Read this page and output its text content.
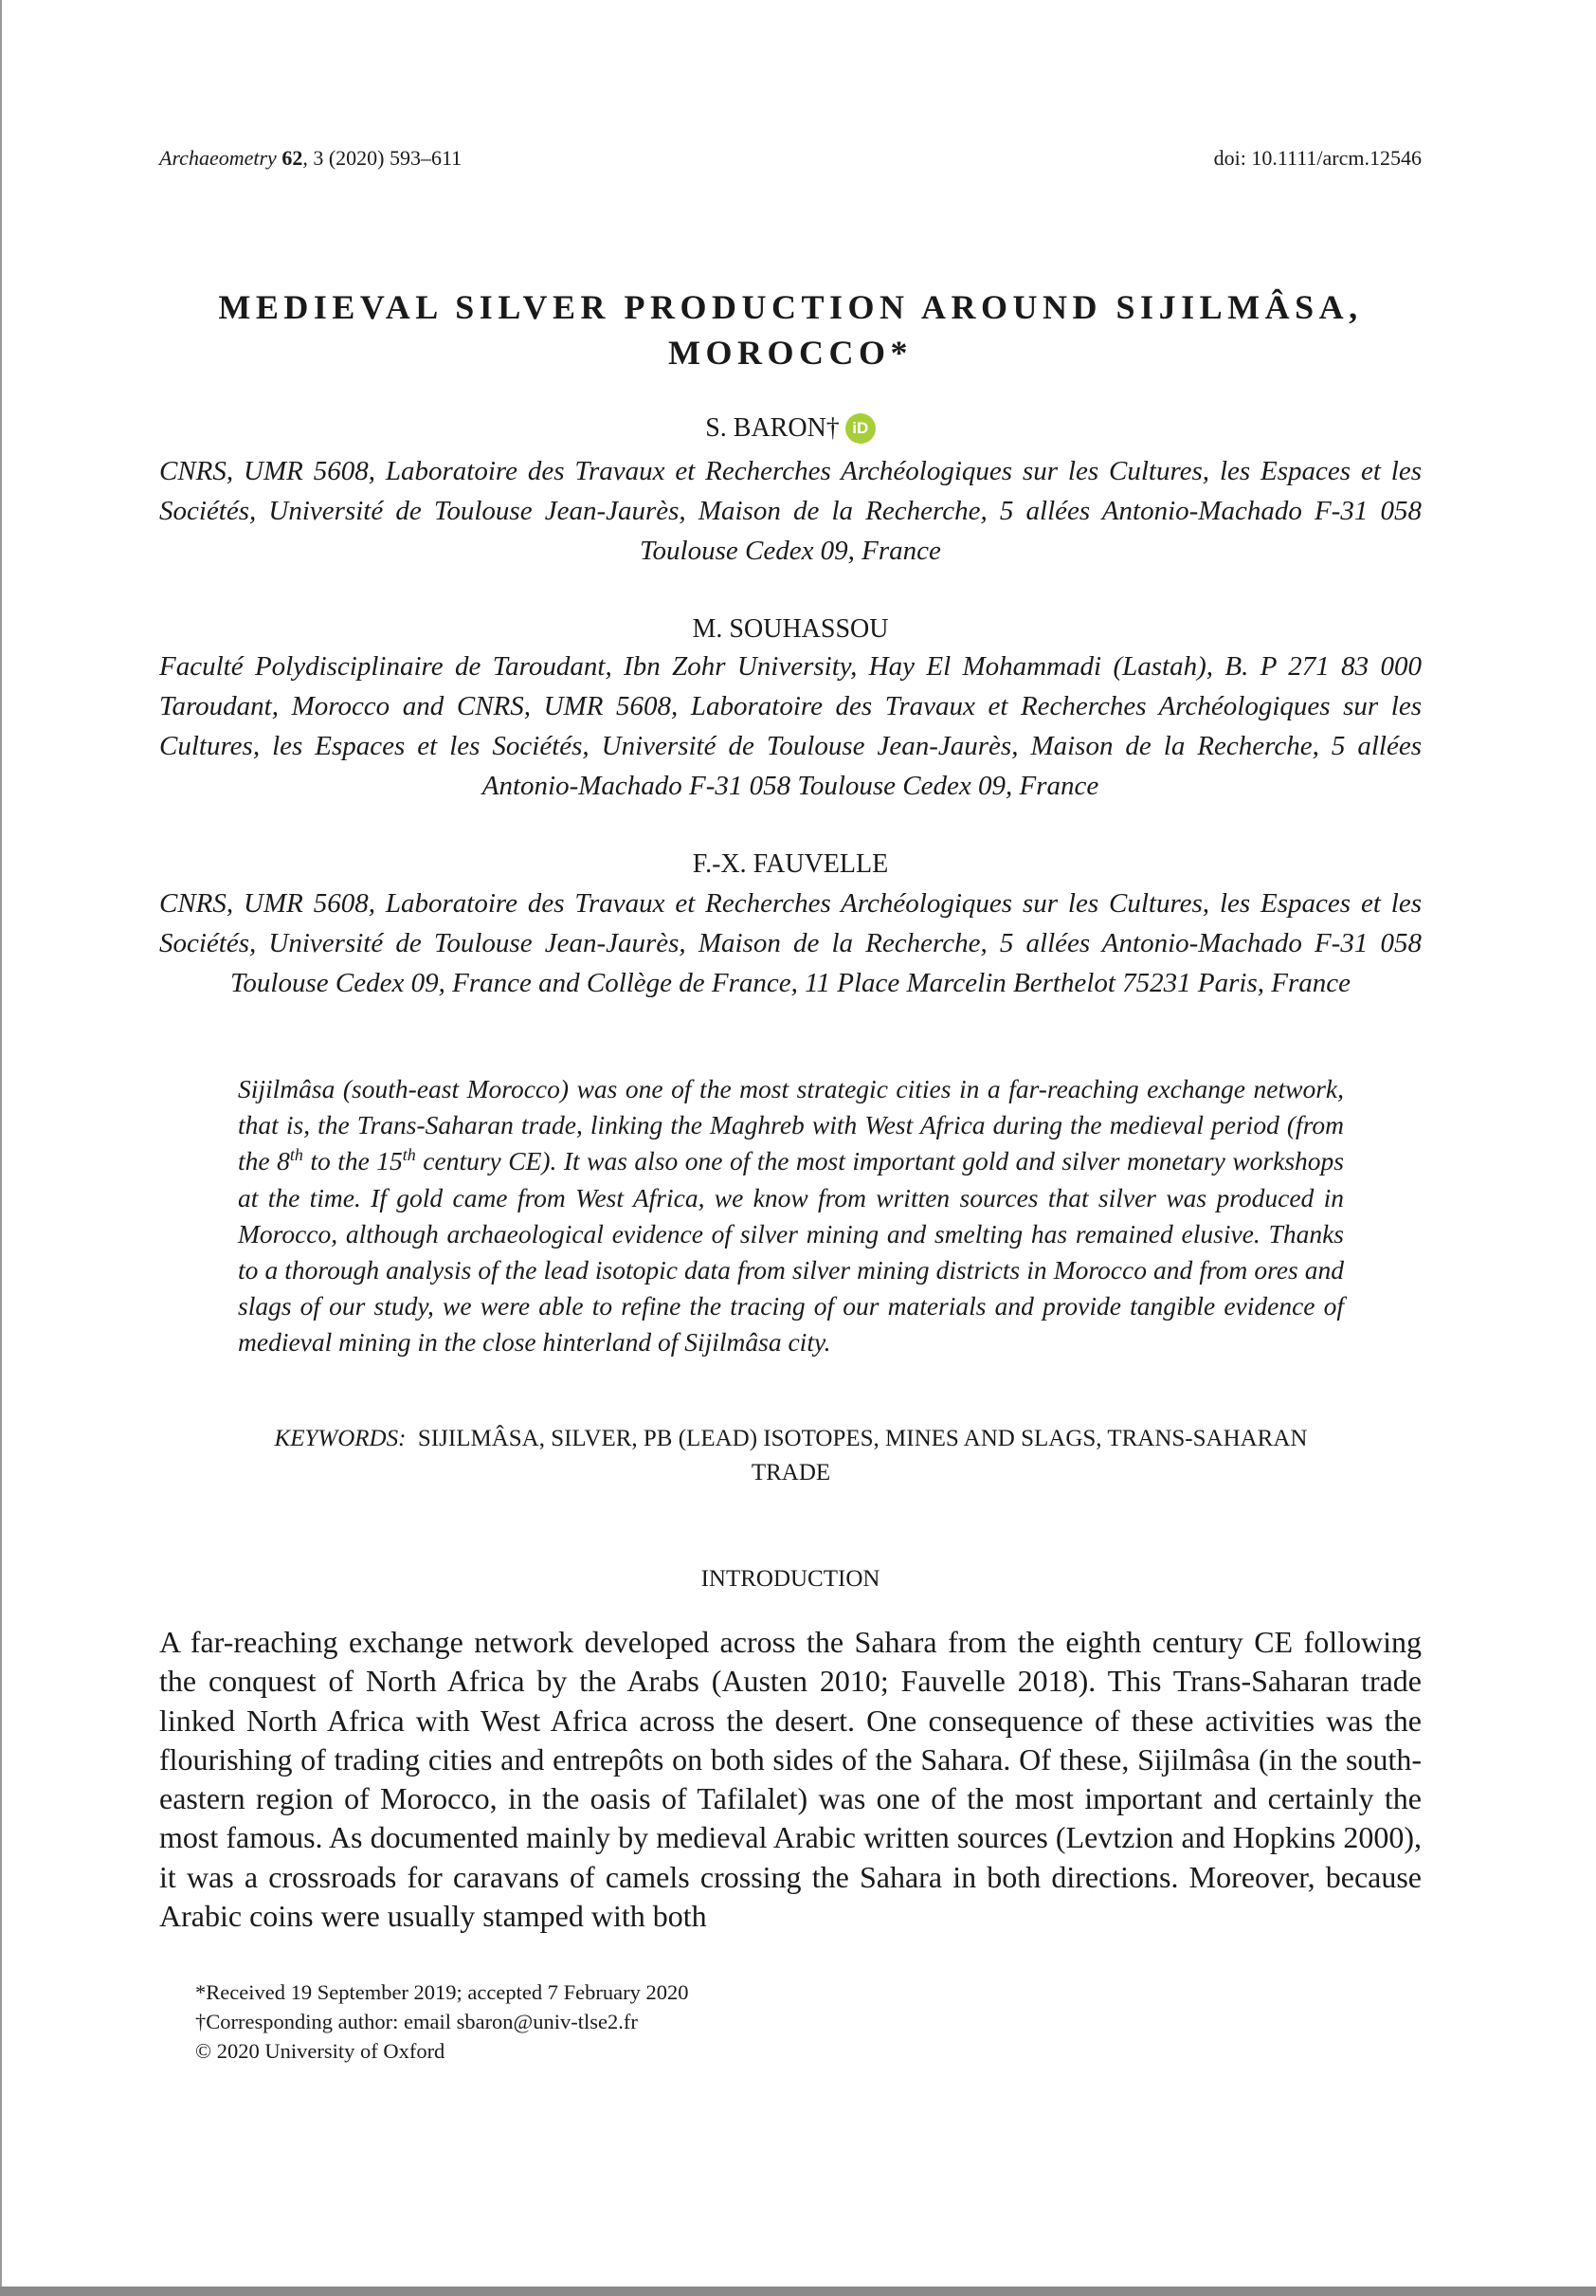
Archaeometry 62, 3 (2020) 593–611	doi: 10.1111/arcm.12546
MEDIEVAL SILVER PRODUCTION AROUND SIJILMÂSA,
MOROCCO*
S. BARON† iD
CNRS, UMR 5608, Laboratoire des Travaux et Recherches Archéologiques sur les Cultures, les Espaces et les Sociétés, Université de Toulouse Jean-Jaurès, Maison de la Recherche, 5 allées Antonio-Machado F-31 058 Toulouse Cedex 09, France
M. SOUHASSOU
Faculté Polydisciplinaire de Taroudant, Ibn Zohr University, Hay El Mohammadi (Lastah), B. P 271 83 000 Taroudant, Morocco and CNRS, UMR 5608, Laboratoire des Travaux et Recherches Archéologiques sur les Cultures, les Espaces et les Sociétés, Université de Toulouse Jean-Jaurès, Maison de la Recherche, 5 allées Antonio-Machado F-31 058 Toulouse Cedex 09, France
F.-X. FAUVELLE
CNRS, UMR 5608, Laboratoire des Travaux et Recherches Archéologiques sur les Cultures, les Espaces et les Sociétés, Université de Toulouse Jean-Jaurès, Maison de la Recherche, 5 allées Antonio-Machado F-31 058 Toulouse Cedex 09, France and Collège de France, 11 Place Marcelin Berthelot 75231 Paris, France
Sijilmâsa (south-east Morocco) was one of the most strategic cities in a far-reaching exchange network, that is, the Trans-Saharan trade, linking the Maghreb with West Africa during the medieval period (from the 8th to the 15th century CE). It was also one of the most important gold and silver monetary workshops at the time. If gold came from West Africa, we know from written sources that silver was produced in Morocco, although archaeological evidence of silver mining and smelting has remained elusive. Thanks to a thorough analysis of the lead isotopic data from silver mining districts in Morocco and from ores and slags of our study, we were able to refine the tracing of our materials and provide tangible evidence of medieval mining in the close hinterland of Sijilmâsa city.
KEYWORDS: SIJILMÂSA, SILVER, PB (LEAD) ISOTOPES, MINES AND SLAGS, TRANS-SAHARAN TRADE
INTRODUCTION
A far-reaching exchange network developed across the Sahara from the eighth century CE following the conquest of North Africa by the Arabs (Austen 2010; Fauvelle 2018). This Trans-Saharan trade linked North Africa with West Africa across the desert. One consequence of these activities was the flourishing of trading cities and entrepôts on both sides of the Sahara. Of these, Sijilmâsa (in the south-eastern region of Morocco, in the oasis of Tafilalet) was one of the most important and certainly the most famous. As documented mainly by medieval Arabic written sources (Levtzion and Hopkins 2000), it was a crossroads for caravans of camels crossing the Sahara in both directions. Moreover, because Arabic coins were usually stamped with both
*Received 19 September 2019; accepted 7 February 2020
†Corresponding author: email sbaron@univ-tlse2.fr
© 2020 University of Oxford
